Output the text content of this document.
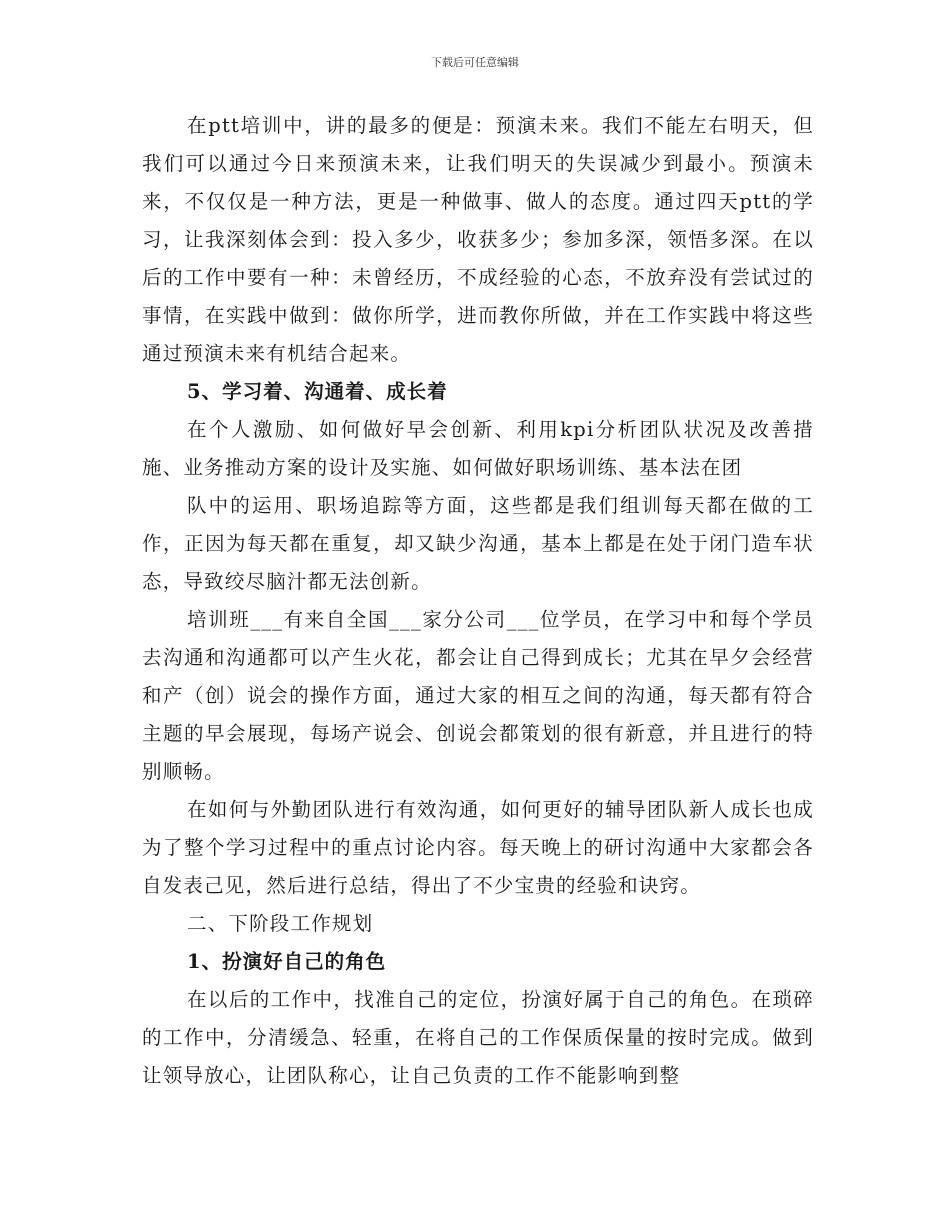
下载后可任意编辑

在ptt培训中，讲的最多的便是：预演未来。我们不能左右明天，但我们可以通过今日来预演未来，让我们明天的失误减少到最小。预演未来，不仅仅是一种方法，更是一种做事、做人的态度。通过四天ptt的学习，让我深刻体会到：投入多少，收获多少；参加多深，领悟多深。在以后的工作中要有一种：未曾经历，不成经验的心态，不放弃没有尝试过的事情，在实践中做到：做你所学，进而教你所做，并在工作实践中将这些通过预演未来有机结合起来。

5、学习着、沟通着、成长着

在个人激励、如何做好早会创新、利用kpi分析团队状况及改善措施、业务推动方案的设计及实施、如何做好职场训练、基本法在团

队中的运用、职场追踪等方面，这些都是我们组训每天都在做的工作，正因为每天都在重复，却又缺少沟通，基本上都是在处于闭门造车状态，导致绞尽脑汁都无法创新。

培训班___有来自全国___家分公司___位学员，在学习中和每个学员去沟通和沟通都可以产生火花，都会让自己得到成长；尤其在早夕会经营和产（创）说会的操作方面，通过大家的相互之间的沟通，每天都有符合主题的早会展现，每场产说会、创说会都策划的很有新意，并且进行的特别顺畅。

在如何与外勤团队进行有效沟通，如何更好的辅导团队新人成长也成为了整个学习过程中的重点讨论内容。每天晚上的研讨沟通中大家都会各自发表己见，然后进行总结，得出了不少宝贵的经验和诀窍。

二、下阶段工作规划

1、扮演好自己的角色

在以后的工作中，找准自己的定位，扮演好属于自己的角色。在琐碎的工作中，分清缓急、轻重，在将自己的工作保质保量的按时完成。做到让领导放心，让团队称心，让自己负责的工作不能影响到整
